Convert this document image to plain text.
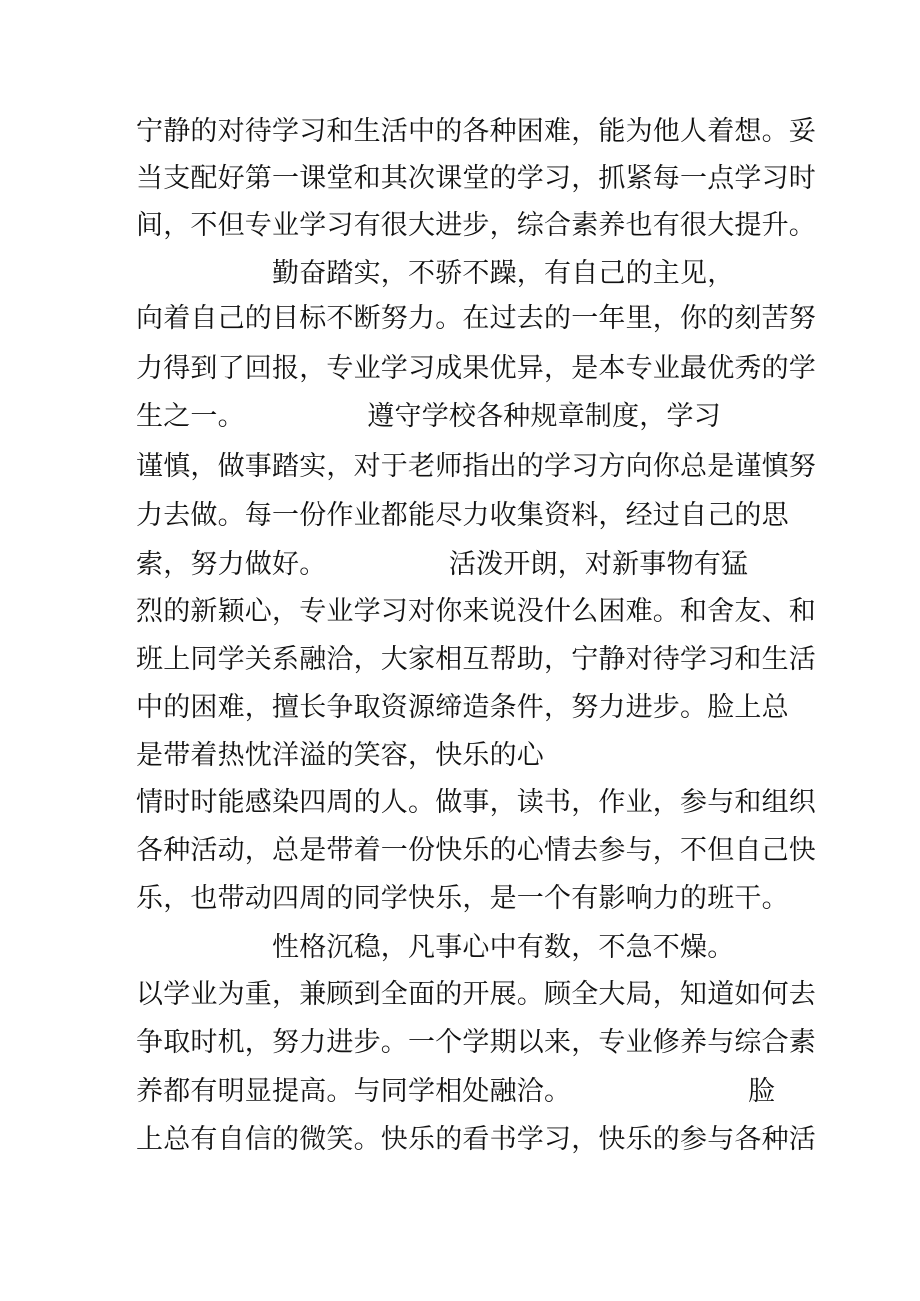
宁静的对待学习和生活中的各种困难，能为他人着想。妥
当支配好第一课堂和其次课堂的学习，抓紧每一点学习时
间，不但专业学习有很大进步，综合素养也有很大提升。
　　　　　勤奋踏实，不骄不躁，有自己的主见，
向着自己的目标不断努力。在过去的一年里，你的刻苦努
力得到了回报，专业学习成果优异，是本专业最优秀的学
生之一。　　　　　遵守学校各种规章制度，学习
谨慎，做事踏实，对于老师指出的学习方向你总是谨慎努
力去做。每一份作业都能尽力收集资料，经过自己的思
索，努力做好。　　　　　活泼开朗，对新事物有猛
烈的新颖心，专业学习对你来说没什么困难。和舍友、和
班上同学关系融洽，大家相互帮助，宁静对待学习和生活
中的困难，擅长争取资源缔造条件，努力进步。脸上总
是带着热忱洋溢的笑容，快乐的心
情时时能感染四周的人。做事，读书，作业，参与和组织
各种活动，总是带着一份快乐的心情去参与，不但自己快
乐，也带动四周的同学快乐，是一个有影响力的班干。
　　　　　性格沉稳，凡事心中有数，不急不燥。
以学业为重，兼顾到全面的开展。顾全大局，知道如何去
争取时机，努力进步。一个学期以来，专业修养与综合素
养都有明显提高。与同学相处融洽。　　　　　　　脸
上总有自信的微笑。快乐的看书学习，快乐的参与各种活
